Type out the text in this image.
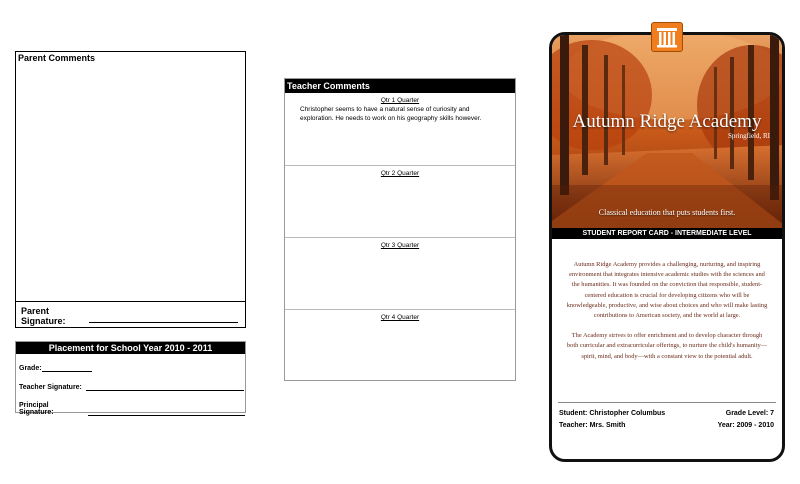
Parent Comments
Parent
Signature:
Placement for School Year 2010 - 2011
Grade:
Teacher Signature:
Principal Signature:
Teacher Comments
Qtr 1 Quarter
Christopher seems to have a natural sense of curiosity and exploration. He needs to work on his geography skills however.
Qtr 2 Quarter
Qtr 3 Quarter
Qtr 4 Quarter
Autumn Ridge Academy
Springfield, RI
Classical education that puts students first.
STUDENT REPORT CARD - INTERMEDIATE LEVEL

Autumn Ridge Academy provides a challenging, nurturing, and inspiring environment that integrates intensive academic studies with the sciences and the humanities. It was founded on the conviction that responsible, student-centered education is crucial for developing citizens who will be knowledgeable, productive, and wise about choices and who will make lasting contributions to American society, and the world at large.

The Academy strives to offer enrichment and to develop character through both curricular and extracurricular offerings, to nurture the child's humanity—spirit, mind, and body—with a constant view to the potential adult.

Student: Christopher Columbus
Teacher: Mrs. Smith
Grade Level: 7
Year: 2009 - 2010
